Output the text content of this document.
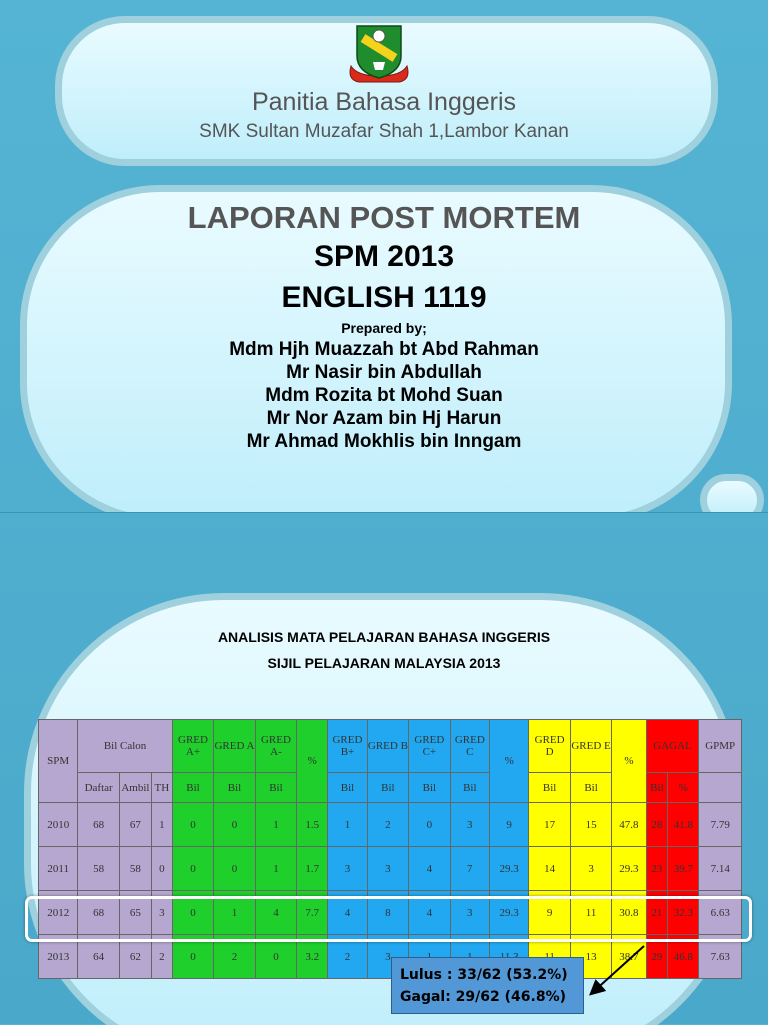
Panitia Bahasa Inggeris
SMK Sultan Muzafar Shah 1,Lambor Kanan
LAPORAN POST MORTEM
SPM 2013
ENGLISH 1119
Prepared by;
Mdm Hjh Muazzah bt Abd Rahman
Mr Nasir bin Abdullah
Mdm Rozita bt Mohd Suan
Mr Nor Azam bin Hj Harun
Mr Ahmad Mokhlis bin Inngam
ANALISIS MATA PELAJARAN BAHASA INGGERIS
SIJIL PELAJARAN MALAYSIA 2013
SPM	Bil Calon			GRED A+	GRED A	GRED A-	%	GRED B+	GRED B	GRED C+	GRED C	%	GRED D	GRED E	%	GAGAL		GPMP
	Daftar	Ambil	TH	Bil	Bil	Bil		Bil	Bil	Bil	Bil		Bil	Bil		Bil	%	
2010	68	67	1	0	0	1	1.5	1	2	0	3	9	17	15	47.8	28	41.8	7.79
2011	58	58	0	0	0	1	1.7	3	3	4	7	29.3	14	3	29.3	23	39.7	7.14
2012	68	65	3	0	1	4	7.7	4	8	4	3	29.3	9	11	30.8	21	32.3	6.63
2013	64	62	2	0	2	0	3.2	2	3					13	38.7	29	46.8	7.63
Lulus : 33/62 (53.2%)
Gagal: 29/62 (46.8%)
